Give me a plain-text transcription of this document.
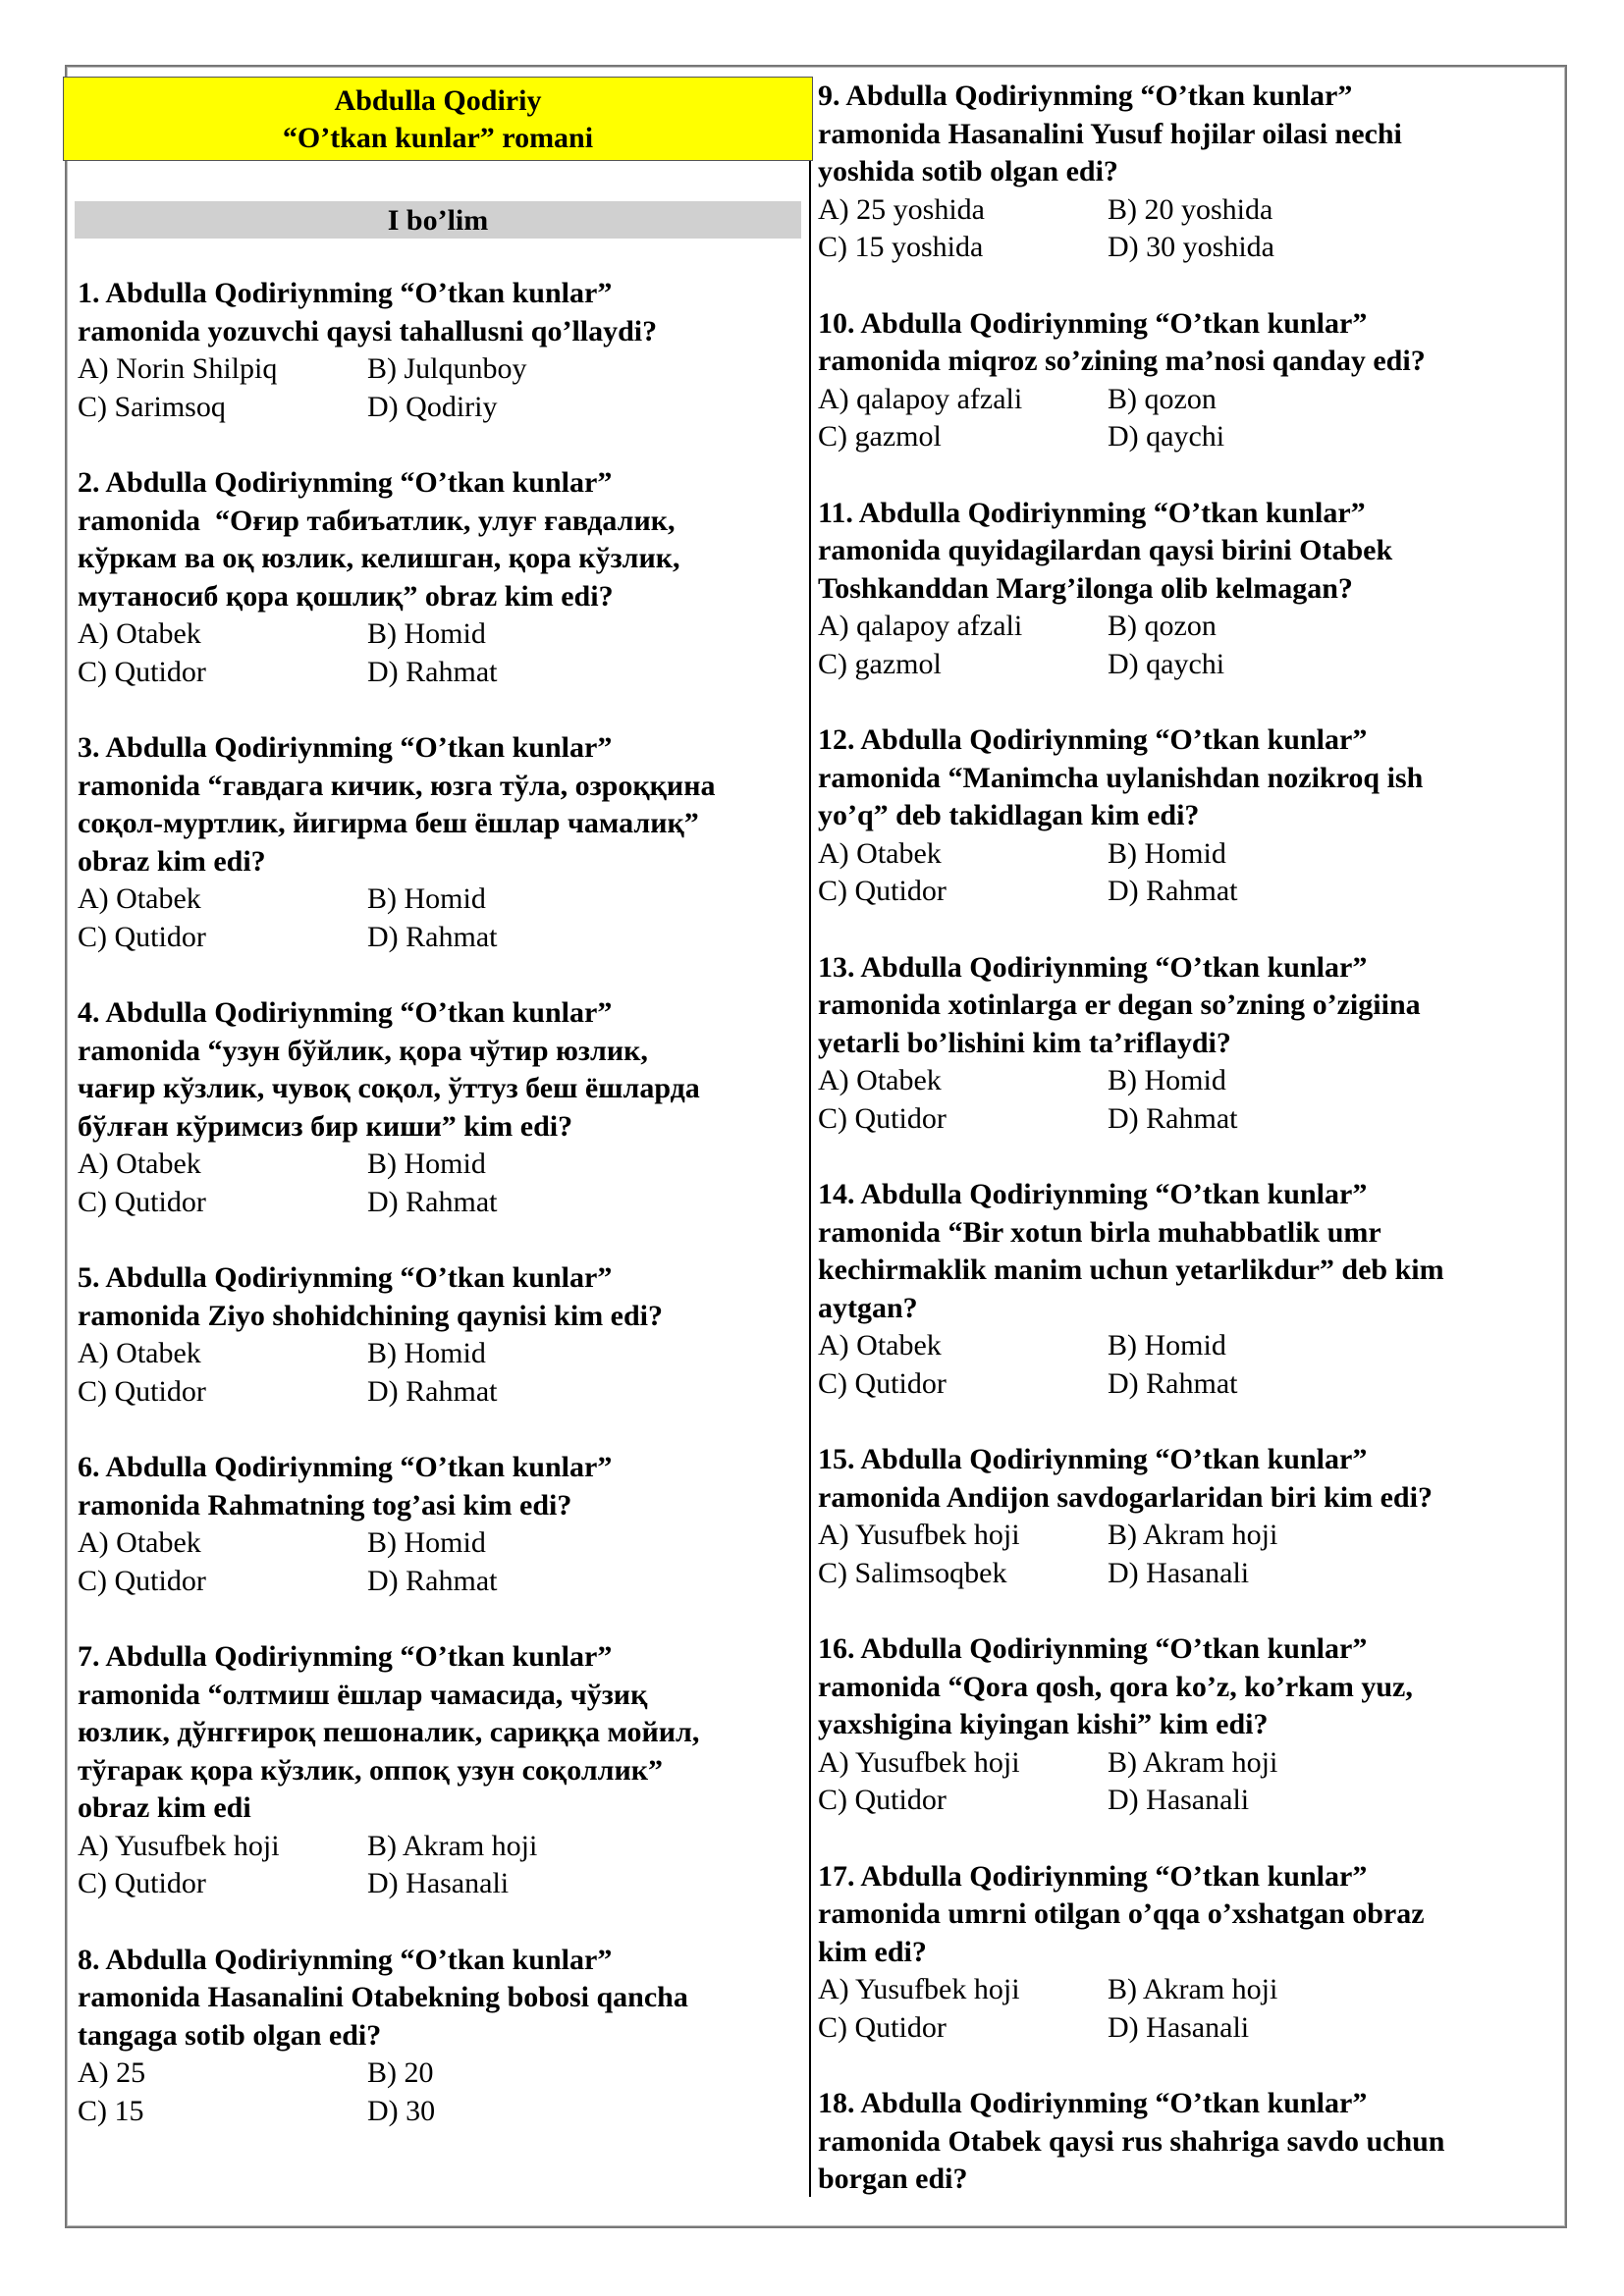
Abdulla Qodiriy
“O’tkan kunlar” romani
I bo’lim
1. Abdulla Qodiriynming “O’tkan kunlar”
ramonida yozuvchi qaysi tahallusni qo’llaydi?
A) Norin Shilpiq	B) Julqunboy
C) Sarimsoq	D) Qodiriy
2. Abdulla Qodiriynming “O’tkan kunlar”
ramonida  “Оғир табиъатлик, улуғ ғавдалик,
кўркам ва оқ юзлик, келишган, қора кўзлик,
мутаносиб қора қошлиқ” obraz kim edi?
A) Otabek	B) Homid
C) Qutidor	D) Rahmat
3. Abdulla Qodiriynming “O’tkan kunlar”
ramonida “гавдага кичик, юзга тўла, озроққина
соқол-муртлик, йигирма беш ёшлар чамалиқ”
obraz kim edi?
A) Otabek	B) Homid
C) Qutidor	D) Rahmat
4. Abdulla Qodiriynming “O’tkan kunlar”
ramonida “узун бўйлик, қора чўтир юзлик,
чағир кўзлик, чувоқ соқол, ўттуз беш ёшларда
бўлған кўримсиз бир киши” kim edi?
A) Otabek	B) Homid
C) Qutidor	D) Rahmat
5. Abdulla Qodiriynming “O’tkan kunlar”
ramonida Ziyo shohidchining qaynisi kim edi?
A) Otabek	B) Homid
C) Qutidor	D) Rahmat
6. Abdulla Qodiriynming “O’tkan kunlar”
ramonida Rahmatning tog’asi kim edi?
A) Otabek	B) Homid
C) Qutidor	D) Rahmat
7. Abdulla Qodiriynming “O’tkan kunlar”
ramonida “олтмиш ёшлар чамасида, чўзиқ
юзлик, дўнгғироқ пешоналик, сариққа мойил,
тўгарак қора кўзлик, оппоқ узун соқоллик”
obraz kim edi
A) Yusufbek hoji	B) Akram hoji
C) Qutidor	D) Hasanali
8. Abdulla Qodiriynming “O’tkan kunlar”
ramonida Hasanalini Otabekning bobosi qancha
tangaga sotib olgan edi?
A) 25	B) 20
C) 15	D) 30
9. Abdulla Qodiriynming “O’tkan kunlar”
ramonida Hasanalini Yusuf hojilar oilasi nechi
yoshida sotib olgan edi?
A) 25 yoshida	B) 20 yoshida
C) 15 yoshida	D) 30 yoshida
10. Abdulla Qodiriynming “O’tkan kunlar”
ramonida miqroz so’zining ma’nosi qanday edi?
A) qalapoy afzali	B) qozon
C) gazmol	D) qaychi
11. Abdulla Qodiriynming “O’tkan kunlar”
ramonida quyidagilardan qaysi birini Otabek
Toshkanddan Marg’ilonga olib kelmagan?
A) qalapoy afzali	B) qozon
C) gazmol	D) qaychi
12. Abdulla Qodiriynming “O’tkan kunlar”
ramonida “Manimcha uylanishdan nozikroq ish
yo’q” deb takidlagan kim edi?
A) Otabek	B) Homid
C) Qutidor	D) Rahmat
13. Abdulla Qodiriynming “O’tkan kunlar”
ramonida xotinlarga er degan so’zning o’zigiina
yetarli bo’lishini kim ta’riflaydi?
A) Otabek	B) Homid
C) Qutidor	D) Rahmat
14. Abdulla Qodiriynming “O’tkan kunlar”
ramonida “Bir xotun birla muhabbatlik umr
kechirmaklik manim uchun yetarlikdur” deb kim
aytgan?
A) Otabek	B) Homid
C) Qutidor	D) Rahmat
15. Abdulla Qodiriynming “O’tkan kunlar”
ramonida Andijon savdogarlaridan biri kim edi?
A) Yusufbek hoji	B) Akram hoji
C) Salimsoqbek	D) Hasanali
16. Abdulla Qodiriynming “O’tkan kunlar”
ramonida “Qora qosh, qora ko’z, ko’rkam yuz,
yaxshigina kiyingan kishi” kim edi?
A) Yusufbek hoji	B) Akram hoji
C) Qutidor	D) Hasanali
17. Abdulla Qodiriynming “O’tkan kunlar”
ramonida umrni otilgan o’qqa o’xshatgan obraz
kim edi?
A) Yusufbek hoji	B) Akram hoji
C) Qutidor	D) Hasanali
18. Abdulla Qodiriynming “O’tkan kunlar”
ramonida Otabek qaysi rus shahriga savdo uchun
borgan edi?
